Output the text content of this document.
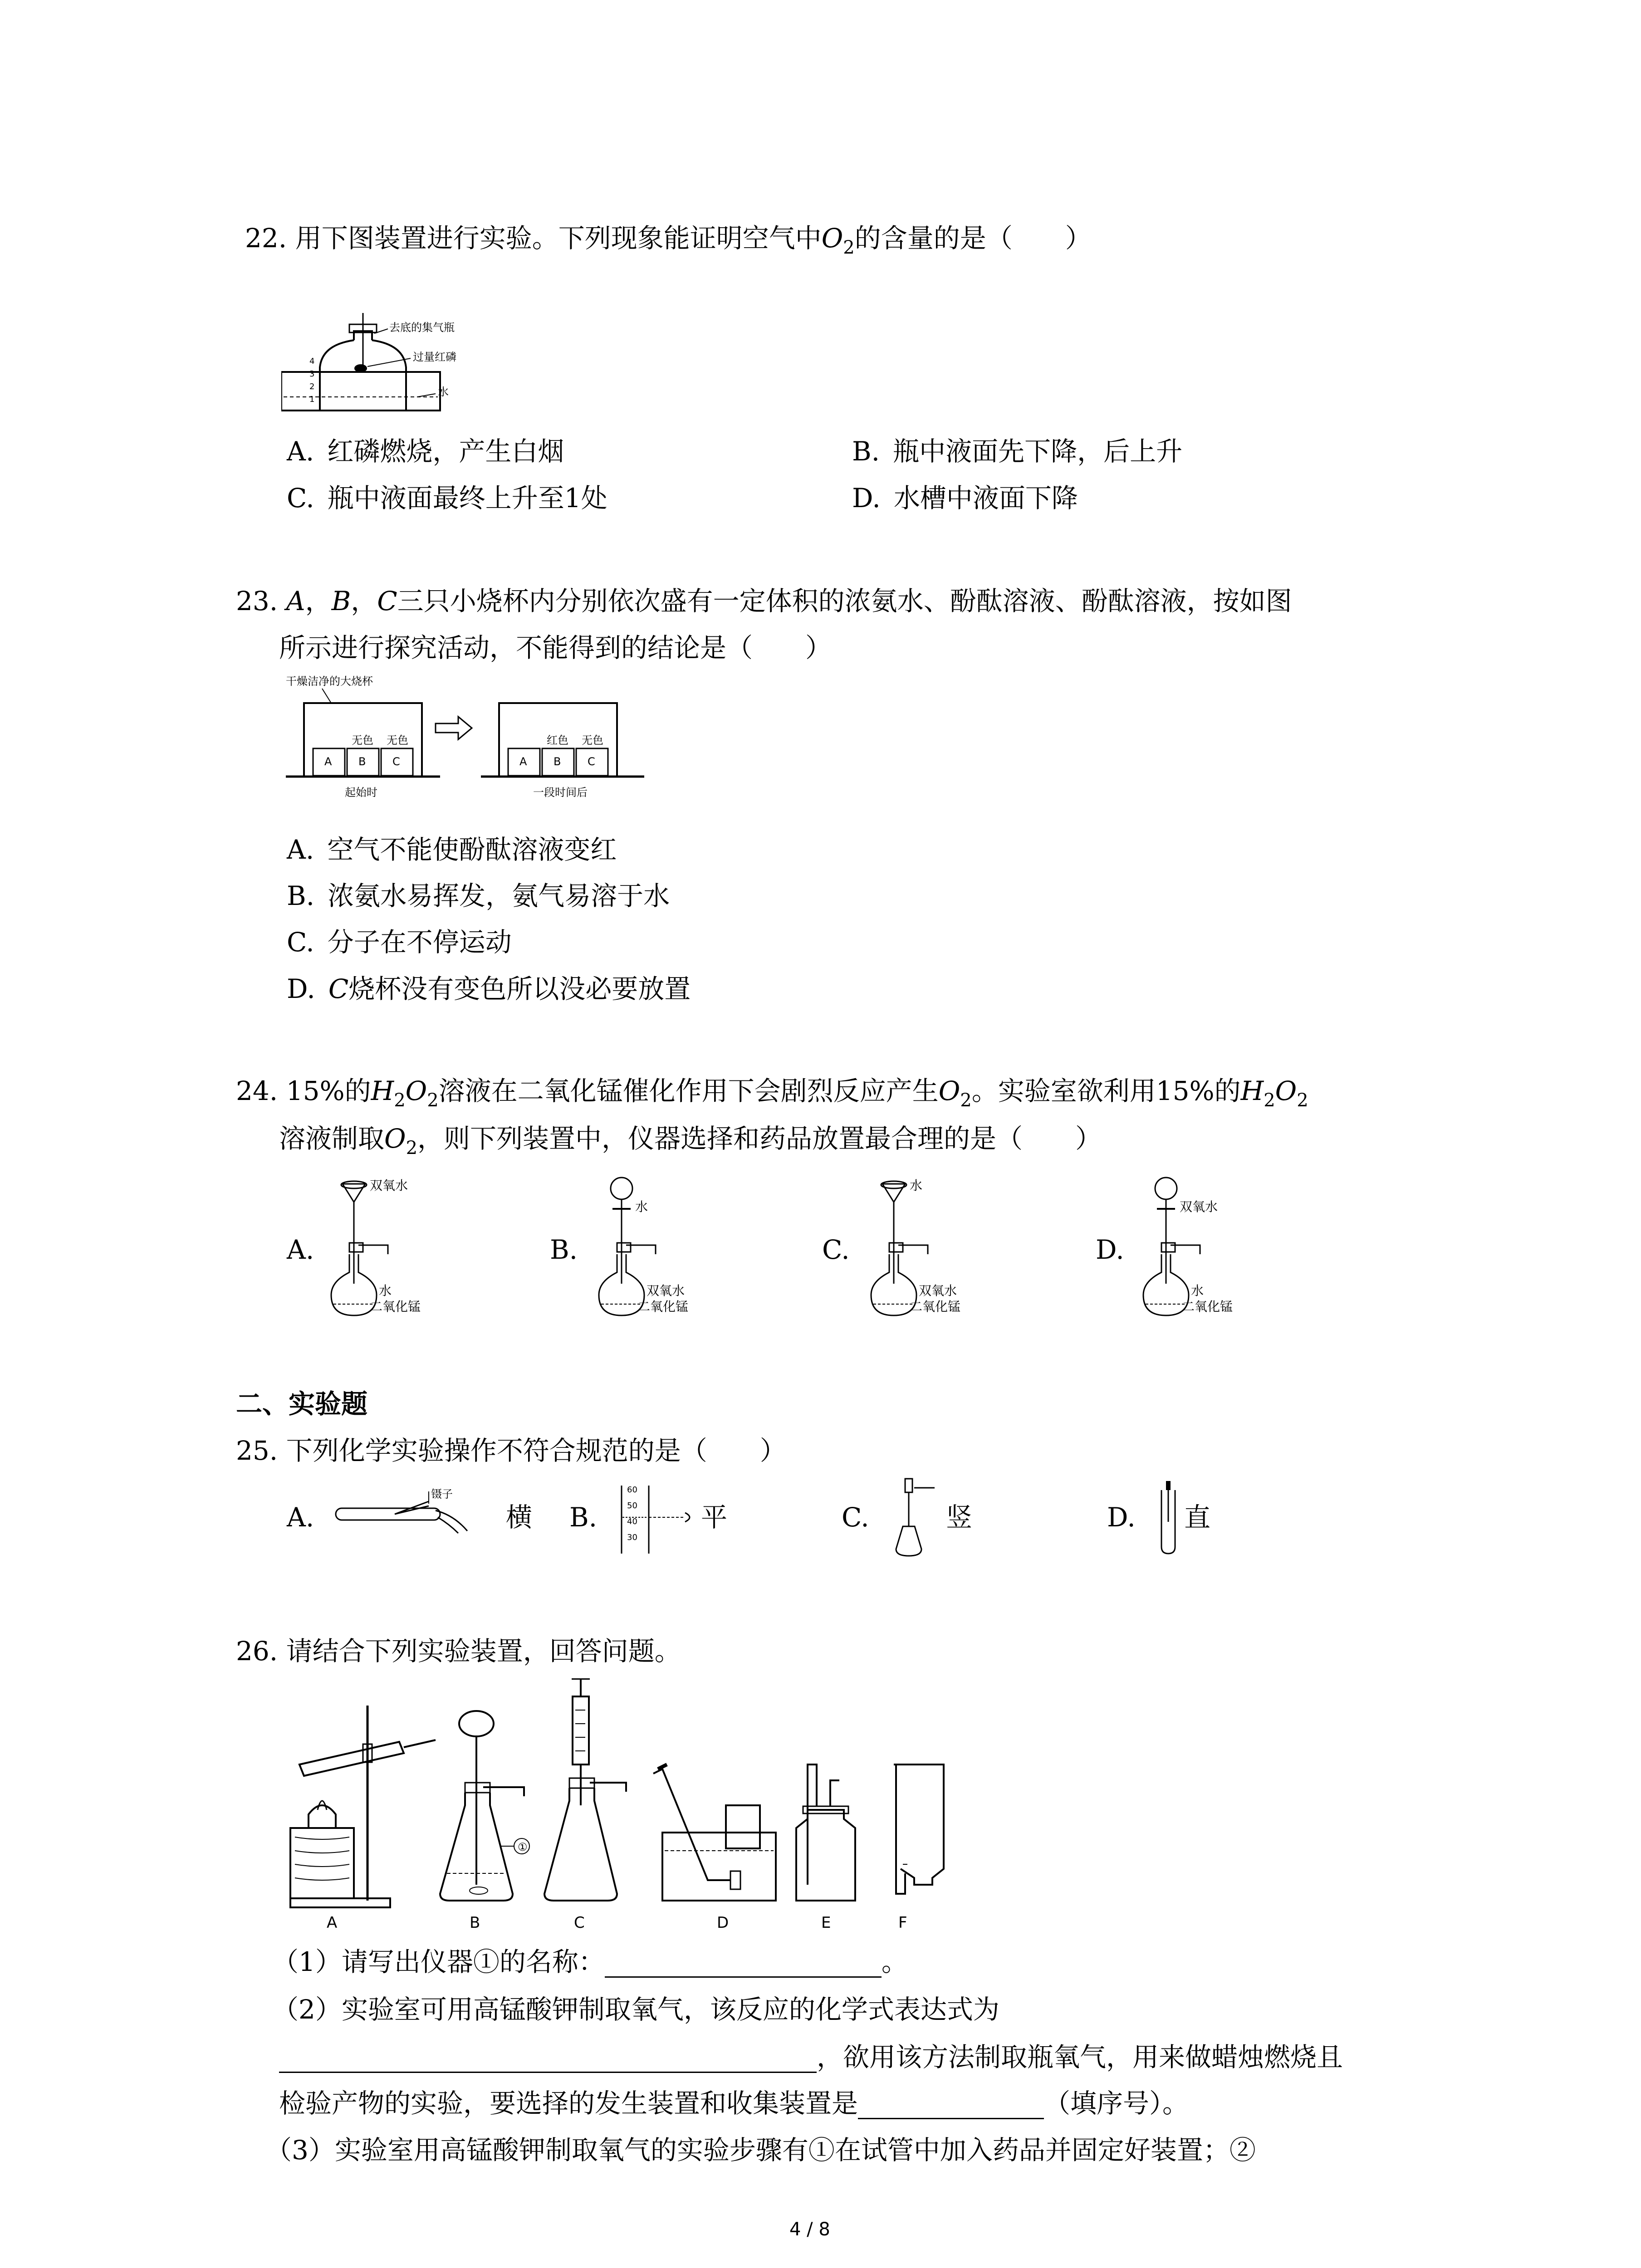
22. 用下图装置进行实验。下列现象能证明空气中$O_2$的含量的是（　　）
4
3
2
1
去底的集气瓶
过量红磷
水
A.  红磷燃烧，产生白烟	B.  瓶中液面先下降，后上升
C.  瓶中液面最终上升至1处	D.  水槽中液面下降
23. A，B，C三只小烧杯内分别依次盛有一定体积的浓氨水、酚酞溶液、酚酞溶液，按如图
所示进行探究活动，不能得到的结论是（　　）
干燥洁净的大烧杯
A B C
无色 无色
起始时
A B C
红色 无色
一段时间后
A.  空气不能使酚酞溶液变红
B.  浓氨水易挥发，氨气易溶于水
C.  分子在不停运动
D.  C烧杯没有变色所以没必要放置
24. 15%的$H_2O_2$溶液在二氧化锰催化作用下会剧烈反应产生$O_2$。实验室欲利用15%的$H_2O_2$
溶液制取$O_2$，则下列装置中，仪器选择和药品放置最合理的是（　　）
A.
双氧水
水
二氧化锰
B.
水
双氧水
二氧化锰
C.
水
双氧水
二氧化锰
D.
双氧水
水
二氧化锰
二、实验题
25. 下列化学实验操作不符合规范的是（　　）
A.
镊子
横 B.
60
50
40
30
平	C.	竖	D. 直
26. 请结合下列实验装置，回答问题。
A
①
B	C	D	E	F
（1）请写出仪器①的名称：	。
（2）实验室可用高锰酸钾制取氧气，该反应的化学式表达式为
，欲用该方法制取瓶氧气，用来做蜡烛燃烧且
检验产物的实验，要选择的发生装置和收集装置是	（填序号）。
（3）实验室用高锰酸钾制取氧气的实验步骤有①在试管中加入药品并固定好装置；②
4 / 8
